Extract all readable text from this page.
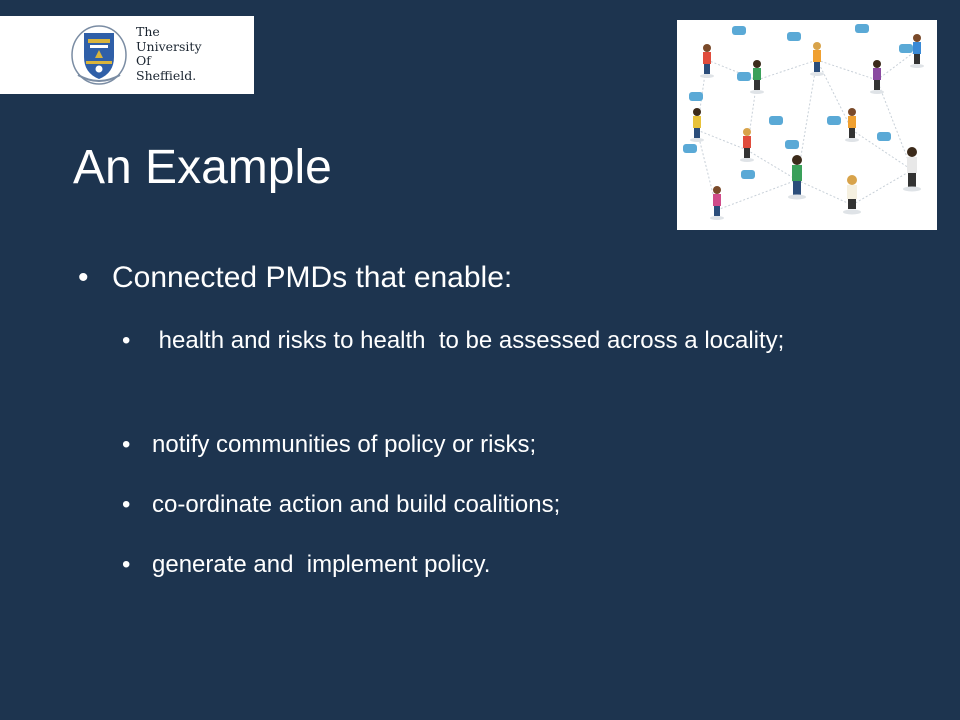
The
University
Of
Sheffield.
An Example
• Connected PMDs that enable:
• health and risks to health  to be assessed across a locality;
• notify communities of policy or risks;
• co-ordinate action and build coalitions;
• generate and  implement policy.
